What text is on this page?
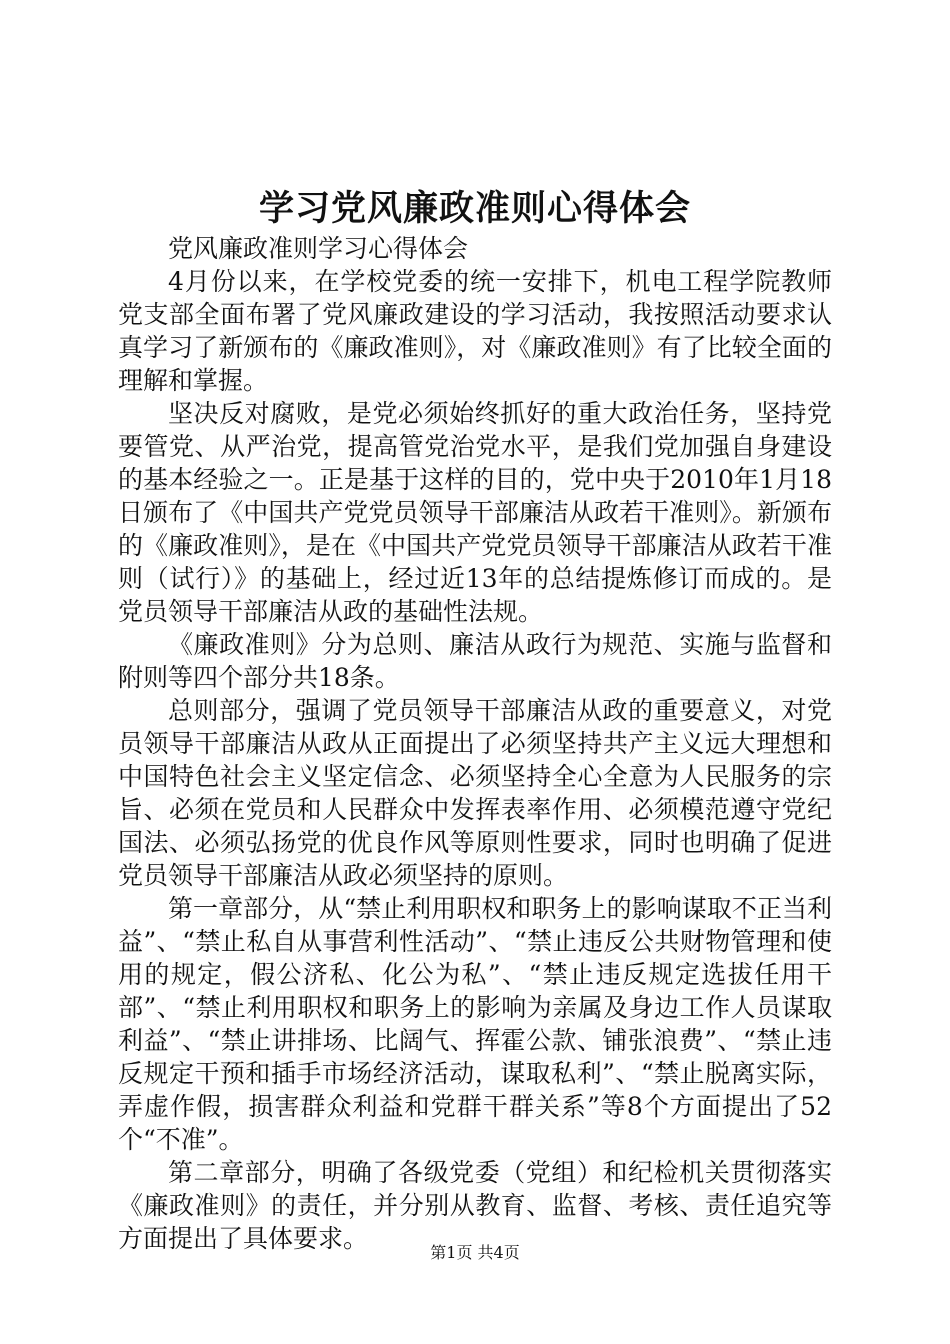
学习党风廉政准则心得体会

党风廉政准则学习心得体会

4月份以来，在学校党委的统一安排下，机电工程学院教师党支部全面布署了党风廉政建设的学习活动，我按照活动要求认真学习了新颁布的《廉政准则》，对《廉政准则》有了比较全面的理解和掌握。

坚决反对腐败，是党必须始终抓好的重大政治任务，坚持党要管党、从严治党，提高管党治党水平，是我们党加强自身建设的基本经验之一。正是基于这样的目的，党中央于2010年1月18日颁布了《中国共产党党员领导干部廉洁从政若干准则》。新颁布的《廉政准则》，是在《中国共产党党员领导干部廉洁从政若干准则（试行）》的基础上，经过近13年的总结提炼修订而成的。是党员领导干部廉洁从政的基础性法规。

《廉政准则》分为总则、廉洁从政行为规范、实施与监督和附则等四个部分共18条。

总则部分，强调了党员领导干部廉洁从政的重要意义，对党员领导干部廉洁从政从正面提出了必须坚持共产主义远大理想和中国特色社会主义坚定信念、必须坚持全心全意为人民服务的宗旨、必须在党员和人民群众中发挥表率作用、必须模范遵守党纪国法、必须弘扬党的优良作风等原则性要求，同时也明确了促进党员领导干部廉洁从政必须坚持的原则。

第一章部分，从“禁止利用职权和职务上的影响谋取不正当利益”、“禁止私自从事营利性活动”、“禁止违反公共财物管理和使用的规定，假公济私、化公为私”、“禁止违反规定选拔任用干部”、“禁止利用职权和职务上的影响为亲属及身边工作人员谋取利益”、“禁止讲排场、比阔气、挥霍公款、铺张浪费”、“禁止违反规定干预和插手市场经济活动，谋取私利”、“禁止脱离实际，弄虚作假，损害群众利益和党群干群关系”等8个方面提出了52个“不准”。

第二章部分，明确了各级党委（党组）和纪检机关贯彻落实《廉政准则》的责任，并分别从教育、监督、考核、责任追究等方面提出了具体要求。	第1页 共4页
